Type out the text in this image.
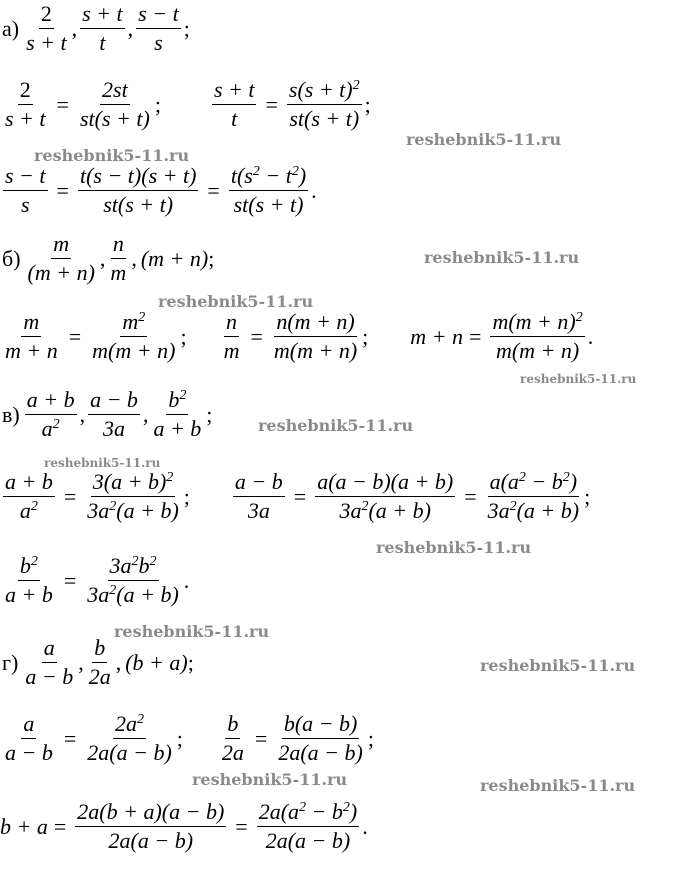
$а) \frac{2}{s + t}$ , $\frac{s + t}{t}$ , $\frac{s - t}{s}$ ;
$\frac{2}{s + t} = \frac{2st}{st(s + t)}$ ; $\frac{s + t}{t} = \frac{s(s + t)^2}{st(s + t)}$ ;
$\frac{s - t}{s} = \frac{t(s - t)(s + t)}{st(s + t)} = \frac{t(s^2 - t^2)}{st(s + t)}$ .
$б) \frac{m}{(m + n)}$ , $\frac{n}{m}$ , (m + n) ;
$\frac{m}{m + n} = \frac{m^2}{m(m + n)}$ ; $\frac{n}{m} = \frac{n(m + n)}{m(m + n)}$ ; $m + n = \frac{m(m + n)^2}{m(m + n)}$ .
$в) \frac{a + b}{a^2}$ , $\frac{a - b}{3a}$ , $\frac{b^2}{a + b}$ ;
$\frac{a + b}{a^2} = \frac{3(a + b)^2}{3a^2(a + b)}$ ; $\frac{a - b}{3a} = \frac{a(a - b)(a + b)}{3a^2(a + b)} = \frac{a(a^2 - b^2)}{3a^2(a + b)}$ ;
$\frac{b^2}{a + b} = \frac{3a^2b^2}{3a^2(a + b)}$ .
$г) \frac{a}{a - b}$ , $\frac{b}{2a}$ , (b + a) ;
$\frac{a}{a - b} = \frac{2a^2}{2a(a - b)}$ ; $\frac{b}{2a} = \frac{b(a - b)}{2a(a - b)}$ ;
$b + a = \frac{2a(b + a)(a - b)}{2a(a - b)} = \frac{2a(a^2 - b^2)}{2a(a - b)}$ .
reshebnik5-11.ru
reshebnik5-11.ru
reshebnik5-11.ru
reshebnik5-11.ru
reshebnik5-11.ru
reshebnik5-11.ru
reshebnik5-11.ru
reshebnik5-11.ru
reshebnik5-11.ru
reshebnik5-11.ru
reshebnik5-11.ru	reshebnik5-11.ru
